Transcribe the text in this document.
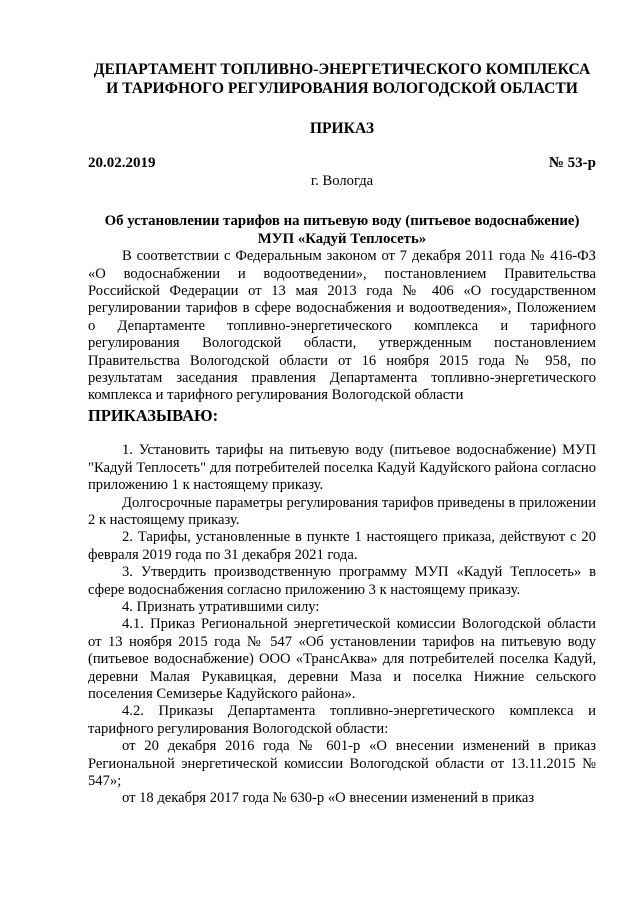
ДЕПАРТАМЕНТ ТОПЛИВНО-ЭНЕРГЕТИЧЕСКОГО КОМПЛЕКСА
И ТАРИФНОГО РЕГУЛИРОВАНИЯ ВОЛОГОДСКОЙ ОБЛАСТИ
ПРИКАЗ
20.02.2019	№ 53-р
г. Вологда
Об установлении тарифов на питьевую воду (питьевое водоснабжение)
МУП «Кадуй Теплосеть»

В соответствии с Федеральным законом от 7 декабря 2011 года № 416-ФЗ «О водоснабжении и водоотведении», постановлением Правительства Российской Федерации от 13 мая 2013 года № 406 «О государственном регулировании тарифов в сфере водоснабжения и водоотведения», Положением о Департаменте топливно-энергетического комплекса и тарифного регулирования Вологодской области, утвержденным постановлением Правительства Вологодской области от 16 ноября 2015 года № 958, по результатам заседания правления Департамента топливно-энергетического комплекса и тарифного регулирования Вологодской области

ПРИКАЗЫВАЮ:

1. Установить тарифы на питьевую воду (питьевое водоснабжение) МУП "Кадуй Теплосеть" для потребителей поселка Кадуй Кадуйского района согласно приложению 1 к настоящему приказу.

Долгосрочные параметры регулирования тарифов приведены в приложении 2 к настоящему приказу.

2. Тарифы, установленные в пункте 1 настоящего приказа, действуют с 20 февраля 2019 года по 31 декабря 2021 года.

3. Утвердить производственную программу МУП «Кадуй Теплосеть» в сфере водоснабжения согласно приложению 3 к настоящему приказу.

4. Признать утратившими силу:

4.1. Приказ Региональной энергетической комиссии Вологодской области от 13 ноября 2015 года № 547 «Об установлении тарифов на питьевую воду (питьевое водоснабжение) ООО «ТрансАква» для потребителей поселка Кадуй, деревни Малая Рукавицкая, деревни Маза и поселка Нижние сельского поселения Семизерье Кадуйского района».

4.2. Приказы Департамента топливно-энергетического комплекса и тарифного регулирования Вологодской области:

от 20 декабря 2016 года № 601-р «О внесении изменений в приказ Региональной энергетической комиссии Вологодской области от 13.11.2015 № 547»;

от 18 декабря 2017 года № 630-р «О внесении изменений в приказ
